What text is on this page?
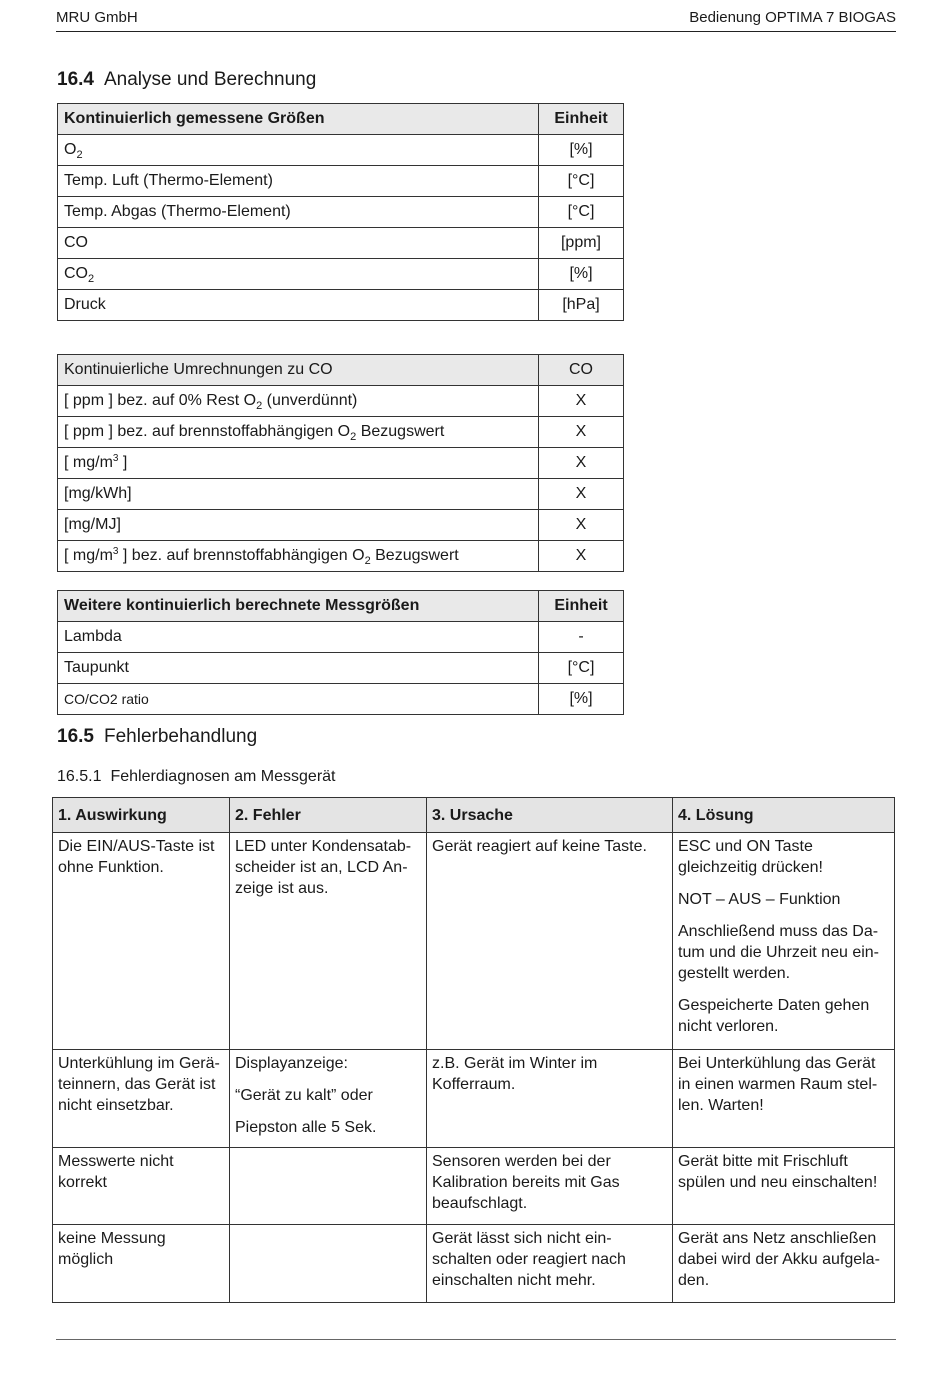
MRU GmbH	Bedienung OPTIMA 7 BIOGAS
16.4 Analyse und Berechnung
Kontinuierlich gemessene Größen	Einheit
$O_2$	[%]
Temp. Luft (Thermo-Element)	[°C]
Temp. Abgas (Thermo-Element)	[°C]
CO	[ppm]
$CO_2$	[%]
Druck	[hPa]
Kontinuierliche Umrechnungen zu CO	CO
[ ppm ] bez. auf 0% Rest $O_2$ (unverdünnt)	X
[ ppm ] bez. auf brennstoffabhängigen $O_2$ Bezugswert	X
[ $mg/m^3$ ]	X
[mg/kWh]	X
[mg/MJ]	X
[ $mg/m^3$ ] bez. auf brennstoffabhängigen $O_2$ Bezugswert	X
Weitere kontinuierlich berechnete Messgrößen	Einheit
Lambda	-
Taupunkt	[°C]
CO/CO2 ratio	[%]
16.5 Fehlerbehandlung
16.5.1 Fehlerdiagnosen am Messgerät
1. Auswirkung	2. Fehler	3. Ursache	4. Lösung

Die EIN/AUS-Taste ist ohne Funktion.	LED unter Kondensatab-scheider ist an, LCD An-zeige ist aus.	Gerät reagiert auf keine Taste.	ESC und ON Taste gleichzeitig drücken!

NOT – AUS – Funktion

Anschließend muss das Da-tum und die Uhrzeit neu ein-gestellt werden.

Gespeicherte Daten gehen nicht verloren.

Unterkühlung im Gerä-teinnern, das Gerät ist nicht einsetzbar.	Displayanzeige:

“Gerät zu kalt” oder

Piepston alle 5 Sek.	z.B. Gerät im Winter im Kofferraum.	Bei Unterkühlung das Gerät in einen warmen Raum stel-len. Warten!

Messwerte nicht korrekt		Sensoren werden bei der Kalibration bereits mit Gas beaufschlagt.	Gerät bitte mit Frischluft spülen und neu einschalten!

keine Messung möglich		Gerät lässt sich nicht ein-schalten oder reagiert nach einschalten nicht mehr.	Gerät ans Netz anschließen dabei wird der Akku aufgela-den.
